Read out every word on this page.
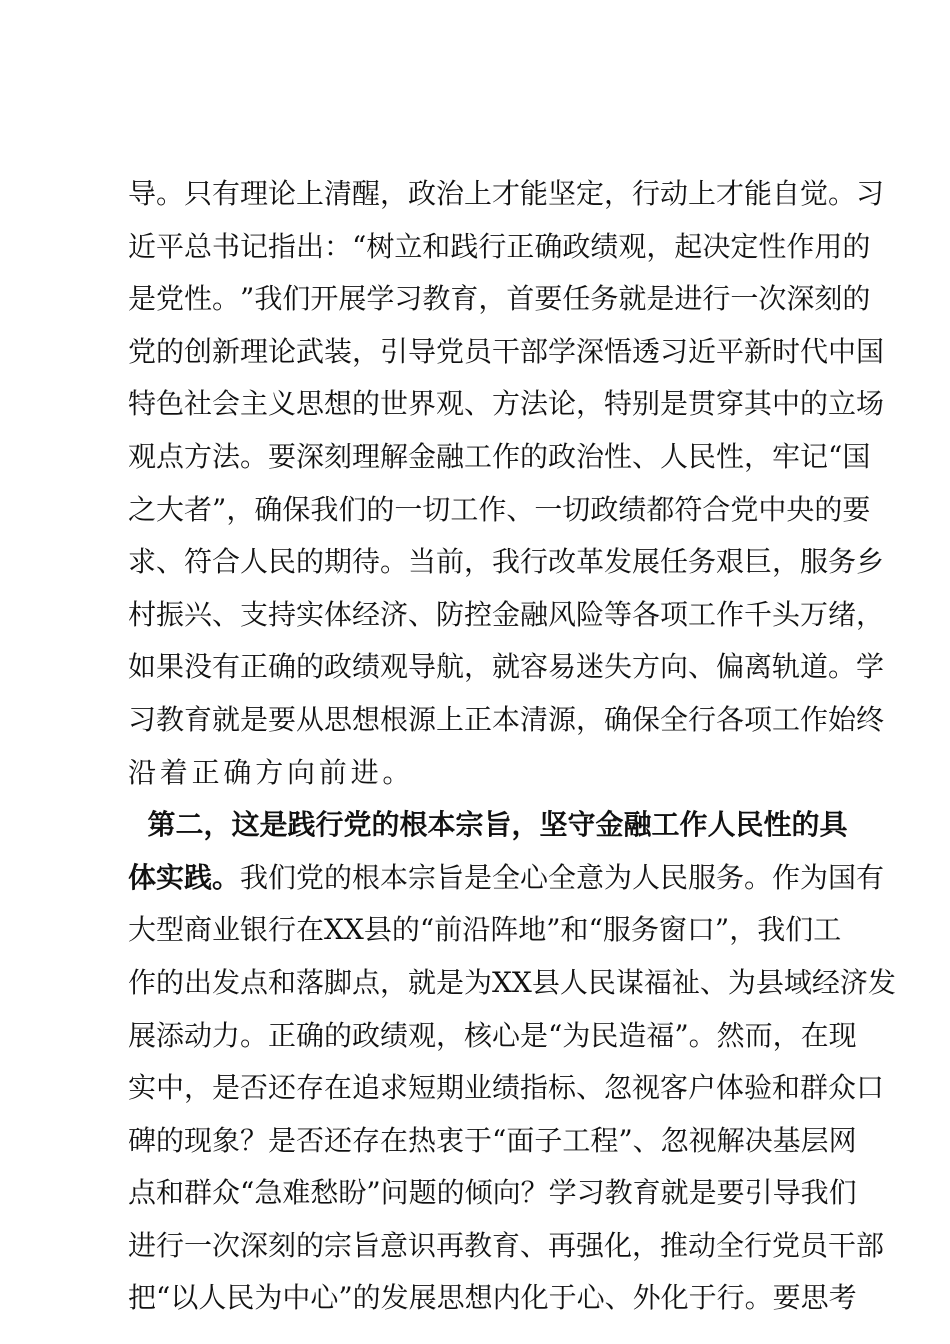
导 。 只 有 理 论 上 清 醒 ， 政 治 上 才 能 坚 定 ， 行 动 上 才 能 自 觉 。 习
近 平 总 书 记 指 出 ： “ 树 立 和 践 行 正 确 政 绩 观 ， 起 决 定 性 作 用 的
是 党 性 。 ” 我 们 开 展 学 习 教 育 ， 首 要 任 务 就 是 进 行 一 次 深 刻 的
党 的 创 新 理 论 武 装 ， 引 导 党 员 干 部 学 深 悟 透 习 近 平 新 时 代 中 国
特 色 社 会 主 义 思 想 的 世 界 观 、 方 法 论 ， 特 别 是 贯 穿 其 中 的 立 场
观 点 方 法 。 要 深 刻 理 解 金 融 工 作 的 政 治 性 、 人 民 性 ， 牢 记 “ 国
之 大 者 ” ， 确 保 我 们 的 一 切 工 作 、 一 切 政 绩 都 符 合 党 中 央 的 要
求 、 符 合 人 民 的 期 待 。 当 前 ， 我 行 改 革 发 展 任 务 艰 巨 ， 服 务 乡
村 振 兴 、 支 持 实 体 经 济 、 防 控 金 融 风 险 等 各 项 工 作 千 头 万 绪 ，
如 果 没 有 正 确 的 政 绩 观 导 航 ， 就 容 易 迷 失 方 向 、 偏 离 轨 道 。 学
习 教 育 就 是 要 从 思 想 根 源 上 正 本 清 源 ， 确 保 全 行 各 项 工 作 始 终
沿 着 正 确 方 向 前 进 。

第 二 ， 这 是 践 行 党 的 根 本 宗 旨 ， 坚 守 金 融 工 作 人 民 性 的 具
体 实 践 。 我 们 党 的 根 本 宗 旨 是 全 心 全 意 为 人 民 服 务 。 作 为 国 有
大 型 商 业 银 行 在 XX 县 的 “ 前 沿 阵 地 ” 和 “ 服 务 窗 口 ” ， 我 们 工
作 的 出 发 点 和 落 脚 点 ， 就 是 为 XX 县 人 民 谋 福 祉 、 为 县 域 经 济 发
展 添 动 力 。 正 确 的 政 绩 观 ， 核 心 是 “ 为 民 造 福 ” 。 然 而 ， 在 现
实 中 ， 是 否 还 存 在 追 求 短 期 业 绩 指 标 、 忽 视 客 户 体 验 和 群 众 口
碑 的 现 象 ？ 是 否 还 存 在 热 衷 于 “ 面 子 工 程 ” 、 忽 视 解 决 基 层 网
点 和 群 众 “ 急 难 愁 盼 ” 问 题 的 倾 向 ？ 学 习 教 育 就 是 要 引 导 我 们
进 行 一 次 深 刻 的 宗 旨 意 识 再 教 育 、 再 强 化 ， 推 动 全 行 党 员 干 部
把 “ 以 人 民 为 中 心 ” 的 发 展 思 想 内 化 于 心 、 外 化 于 行 。 要 思 考
